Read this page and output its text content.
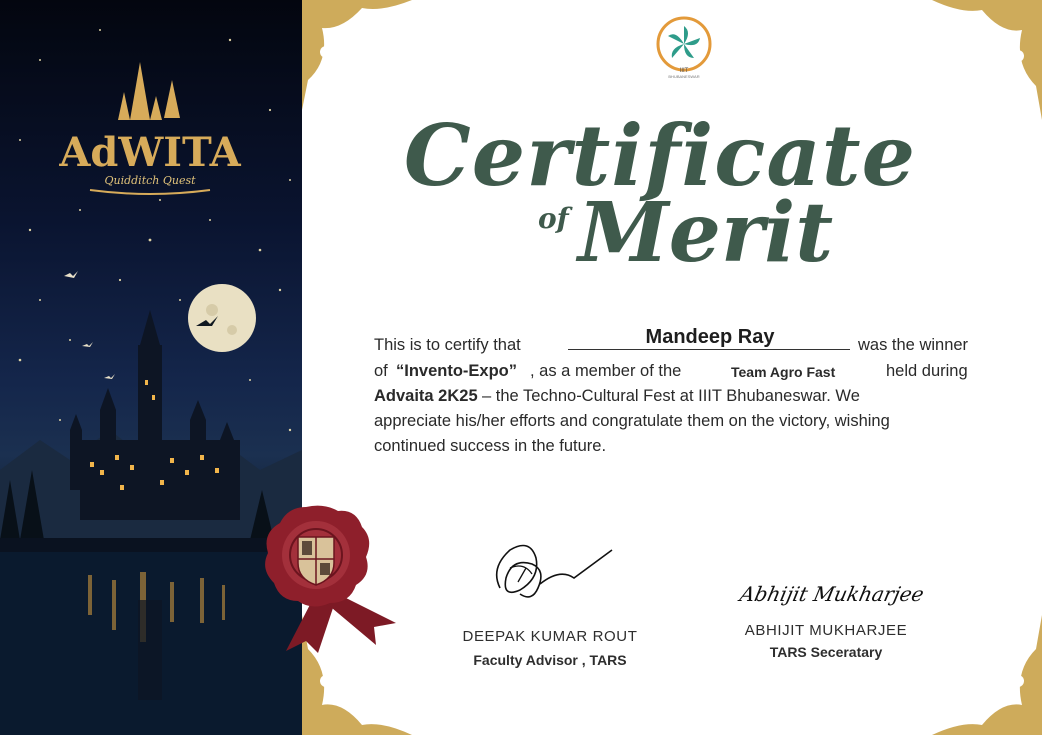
AdWITA
Quidditch Quest
IIIT
BHUBANESWAR
Certificate
of Merit
This is to certify that	Mandeep Ray	was the winner
of “Invento-Expo” , as a member of the	Team Agro Fast	held during
Advaita 2K25 – the Techno-Cultural Fest at IIIT Bhubaneswar. We
appreciate his/her efforts and congratulate them on the victory, wishing
continued success in the future.
DEEPAK KUMAR ROUT
Faculty Advisor , TARS
Abhijit Mukharjee
ABHIJIT MUKHARJEE
TARS Seceratary
